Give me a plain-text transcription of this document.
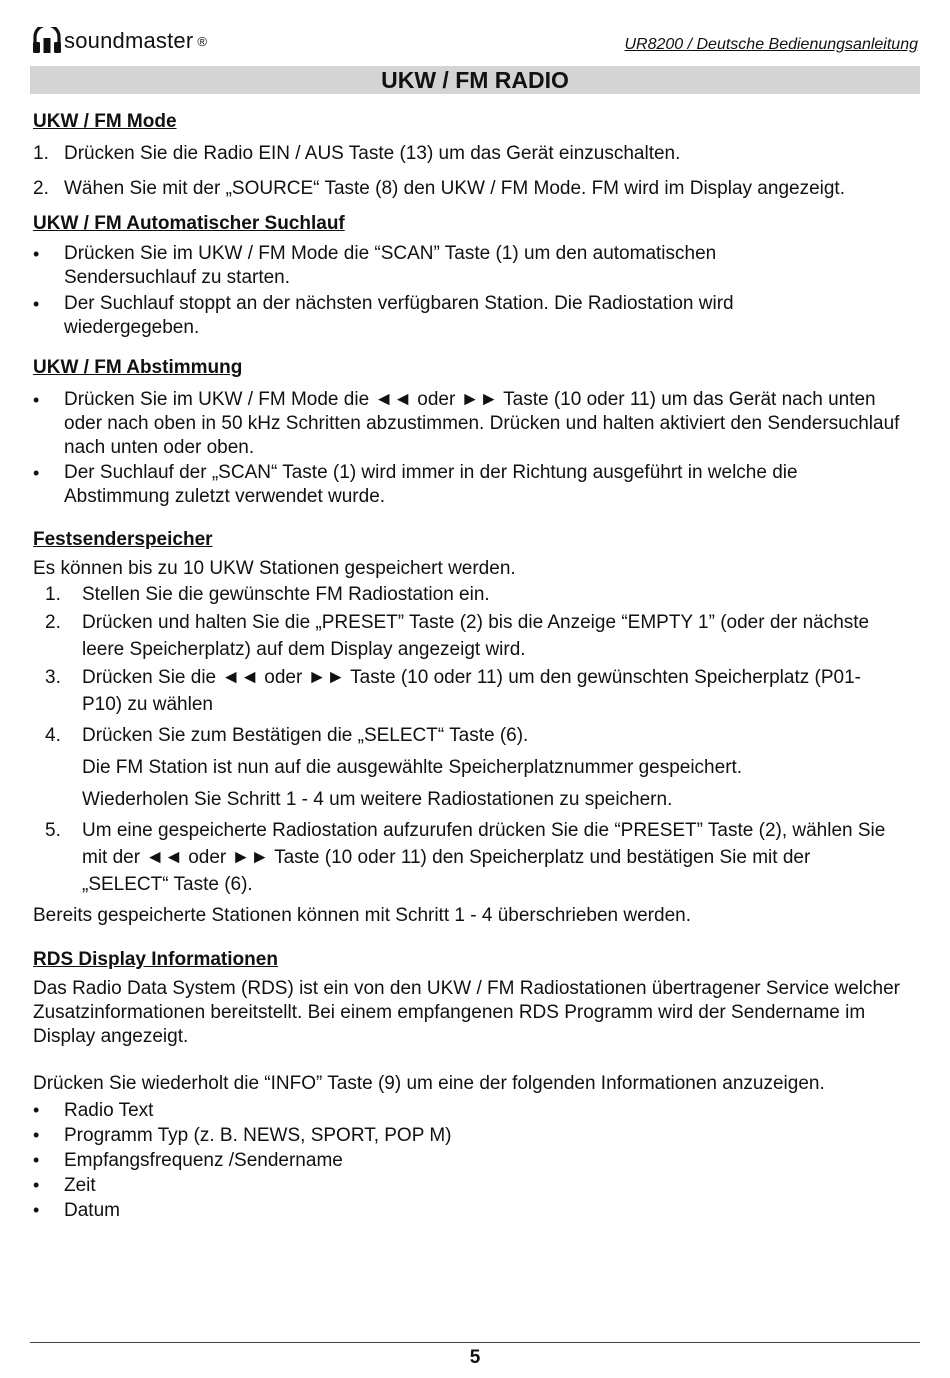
soundmaster ®	UR8200 / Deutsche Bedienungsanleitung
UKW / FM RADIO
UKW / FM Mode
1. Drücken Sie die Radio EIN / AUS Taste (13) um das Gerät einzuschalten.
2. Wähen Sie mit der „SOURCE“ Taste (8) den UKW / FM Mode. FM wird im Display angezeigt.
UKW / FM Automatischer Suchlauf
• Drücken Sie im UKW / FM Mode die “SCAN” Taste (1) um den automatischen Sendersuchlauf zu starten.
• Der Suchlauf stoppt an der nächsten verfügbaren Station. Die Radiostation wird wiedergegeben.
UKW / FM Abstimmung
• Drücken Sie im UKW / FM Mode die ◄◄ oder ►► Taste (10 oder 11) um das Gerät nach unten oder nach oben in 50 kHz Schritten abzustimmen. Drücken und halten aktiviert den Sendersuchlauf nach unten oder oben.
• Der Suchlauf der „SCAN“ Taste (1) wird immer in der Richtung ausgeführt in welche die Abstimmung zuletzt verwendet wurde.
Festsenderspeicher

Es können bis zu 10 UKW Stationen gespeichert werden.

1. Stellen Sie die gewünschte FM Radiostation ein.
2. Drücken und halten Sie die „PRESET” Taste (2) bis die Anzeige “EMPTY 1” (oder der nächste leere Speicherplatz) auf dem Display angezeigt wird.
3. Drücken Sie die ◄◄ oder ►► Taste (10 oder 11) um den gewünschten Speicherplatz (P01-P10) zu wählen
4. Drücken Sie zum Bestätigen die „SELECT“ Taste (6).
Die FM Station ist nun auf die ausgewählte Speicherplatznummer gespeichert.
Wiederholen Sie Schritt 1 - 4 um weitere Radiostationen zu speichern.
5. Um eine gespeicherte Radiostation aufzurufen drücken Sie die “PRESET” Taste (2), wählen Sie mit der ◄◄ oder ►► Taste (10 oder 11) den Speicherplatz und bestätigen Sie mit der „SELECT“ Taste (6).

Bereits gespeicherte Stationen können mit Schritt 1 - 4 überschrieben werden.

RDS Display Informationen

Das Radio Data System (RDS) ist ein von den UKW / FM Radiostationen übertragener Service welcher Zusatzinformationen bereitstellt. Bei einem empfangenen RDS Programm wird der Sendername im Display angezeigt.

Drücken Sie wiederholt die “INFO” Taste (9) um eine der folgenden Informationen anzuzeigen.

• Radio Text
• Programm Typ (z. B. NEWS, SPORT, POP M)
• Empfangsfrequenz /Sendername
• Zeit
• Datum
5
